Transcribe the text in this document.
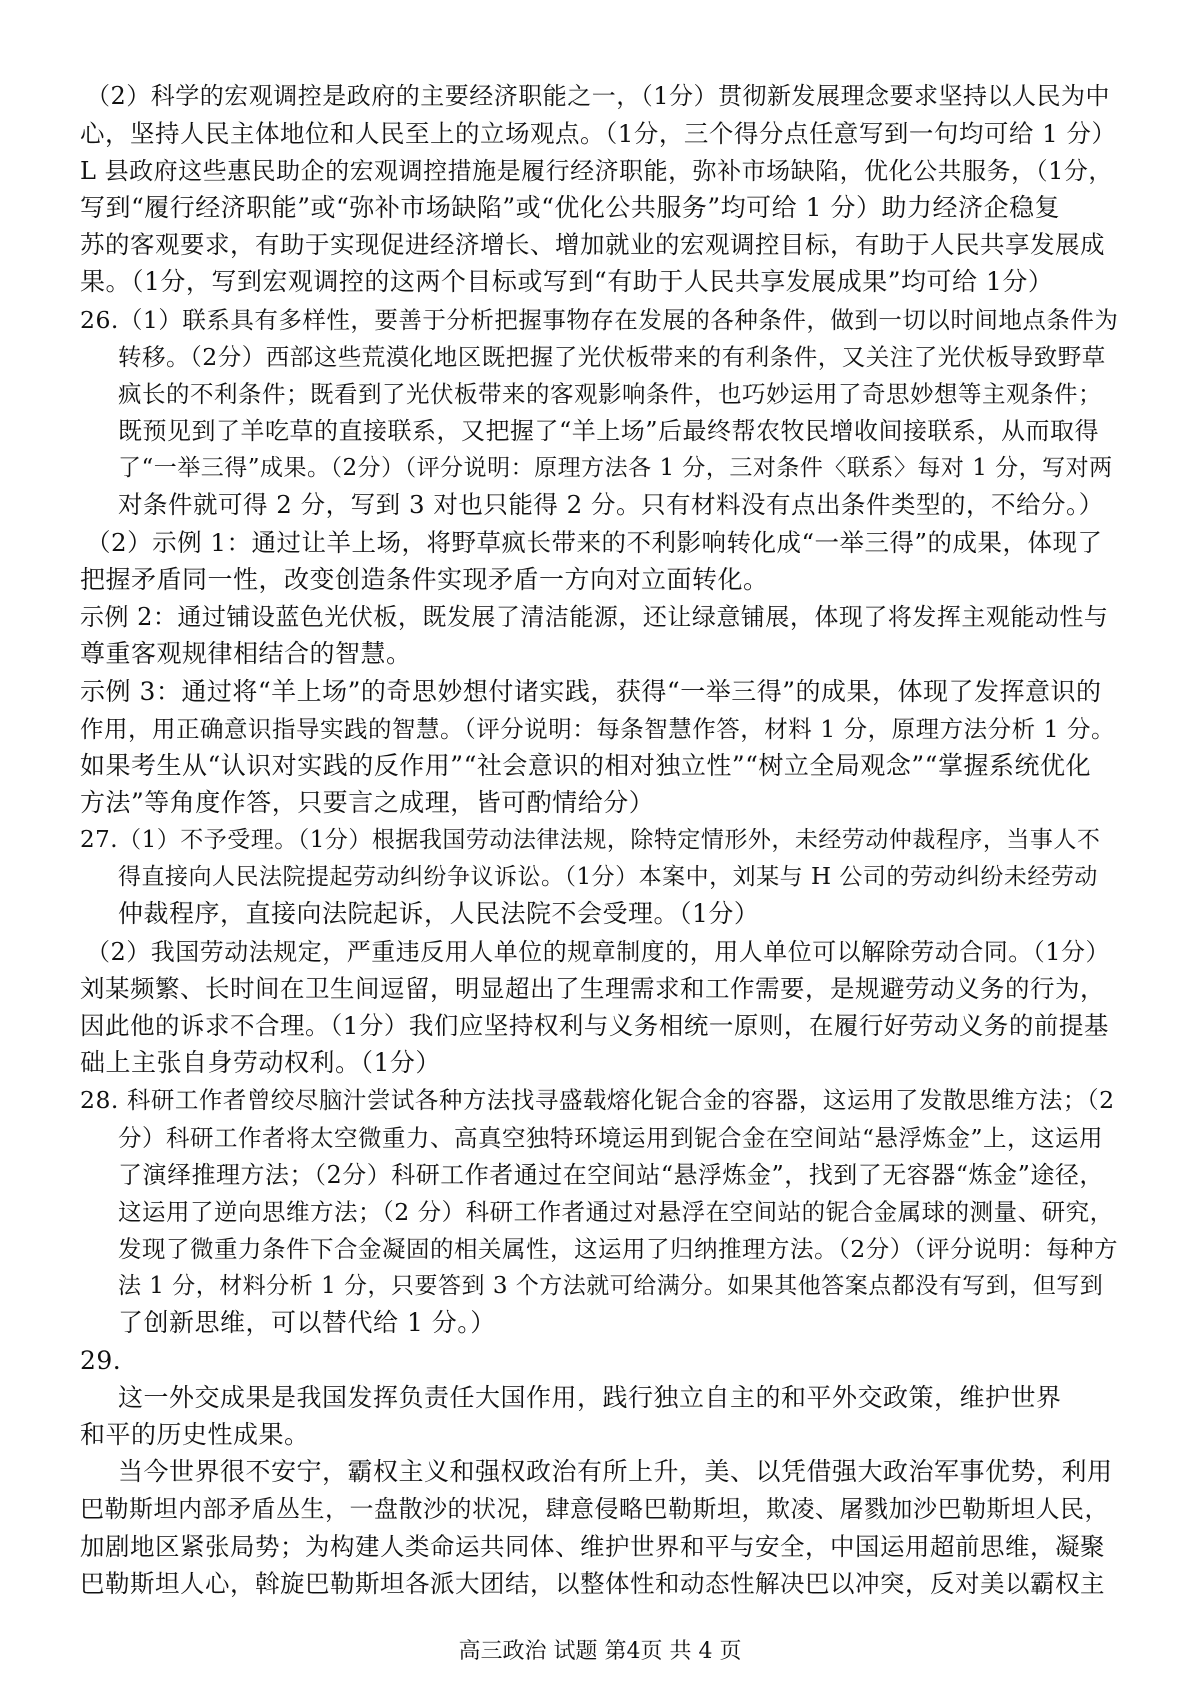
（2）科学的宏观调控是政府的主要经济职能之一，（1分）贯彻新发展理念要求坚持以人民为中
心，坚持人民主体地位和人民至上的立场观点。（1分，三个得分点任意写到一句均可给 1 分）
L 县政府这些惠民助企的宏观调控措施是履行经济职能，弥补市场缺陷，优化公共服务，（1分，
写到“履行经济职能”或“弥补市场缺陷”或“优化公共服务”均可给 1 分）助力经济企稳复
苏的客观要求，有助于实现促进经济增长、增加就业的宏观调控目标，有助于人民共享发展成
果。（1分，写到宏观调控的这两个目标或写到“有助于人民共享发展成果”均可给 1分）
26.（1）联系具有多样性，要善于分析把握事物存在发展的各种条件，做到一切以时间地点条件为
转移。（2分）西部这些荒漠化地区既把握了光伏板带来的有利条件，又关注了光伏板导致野草
疯长的不利条件；既看到了光伏板带来的客观影响条件，也巧妙运用了奇思妙想等主观条件；
既预见到了羊吃草的直接联系，又把握了“羊上场”后最终帮农牧民增收间接联系，从而取得
了“一举三得”成果。（2分）（评分说明：原理方法各 1 分，三对条件〈联系〉每对 1 分，写对两
对条件就可得 2 分，写到 3 对也只能得 2 分。只有材料没有点出条件类型的，不给分。）
（2）示例 1：通过让羊上场，将野草疯长带来的不利影响转化成“一举三得”的成果，体现了
把握矛盾同一性，改变创造条件实现矛盾一方向对立面转化。
示例 2：通过铺设蓝色光伏板，既发展了清洁能源，还让绿意铺展，体现了将发挥主观能动性与
尊重客观规律相结合的智慧。
示例 3：通过将“羊上场”的奇思妙想付诸实践，获得“一举三得”的成果，体现了发挥意识的
作用，用正确意识指导实践的智慧。（评分说明：每条智慧作答，材料 1 分，原理方法分析 1 分。
如果考生从“认识对实践的反作用”“社会意识的相对独立性”“树立全局观念”“掌握系统优化
方法”等角度作答，只要言之成理，皆可酌情给分）
27.（1）不予受理。（1分）根据我国劳动法律法规，除特定情形外，未经劳动仲裁程序，当事人不
得直接向人民法院提起劳动纠纷争议诉讼。（1分）本案中，刘某与 H 公司的劳动纠纷未经劳动
仲裁程序，直接向法院起诉，人民法院不会受理。（1分）
（2）我国劳动法规定，严重违反用人单位的规章制度的，用人单位可以解除劳动合同。（1分）
刘某频繁、长时间在卫生间逗留，明显超出了生理需求和工作需要，是规避劳动义务的行为，
因此他的诉求不合理。（1分）我们应坚持权利与义务相统一原则，在履行好劳动义务的前提基
础上主张自身劳动权利。（1分）
28. 科研工作者曾绞尽脑汁尝试各种方法找寻盛载熔化铌合金的容器，这运用了发散思维方法；（2
分）科研工作者将太空微重力、高真空独特环境运用到铌合金在空间站“悬浮炼金”上，这运用
了演绎推理方法；（2分）科研工作者通过在空间站“悬浮炼金”，找到了无容器“炼金”途径，
这运用了逆向思维方法；（2 分）科研工作者通过对悬浮在空间站的铌合金属球的测量、研究，
发现了微重力条件下合金凝固的相关属性，这运用了归纳推理方法。（2分）（评分说明：每种方
法 1 分，材料分析 1 分，只要答到 3 个方法就可给满分。如果其他答案点都没有写到，但写到
了创新思维，可以替代给 1 分。）
29.
这一外交成果是我国发挥负责任大国作用，践行独立自主的和平外交政策，维护世界
和平的历史性成果。
当今世界很不安宁，霸权主义和强权政治有所上升，美、以凭借强大政治军事优势，利用
巴勒斯坦内部矛盾丛生，一盘散沙的状况，肆意侵略巴勒斯坦，欺凌、屠戮加沙巴勒斯坦人民，
加剧地区紧张局势；为构建人类命运共同体、维护世界和平与安全，中国运用超前思维，凝聚
巴勒斯坦人心，斡旋巴勒斯坦各派大团结，以整体性和动态性解决巴以冲突，反对美以霸权主
高三政治 试题 第4页 共 4 页
